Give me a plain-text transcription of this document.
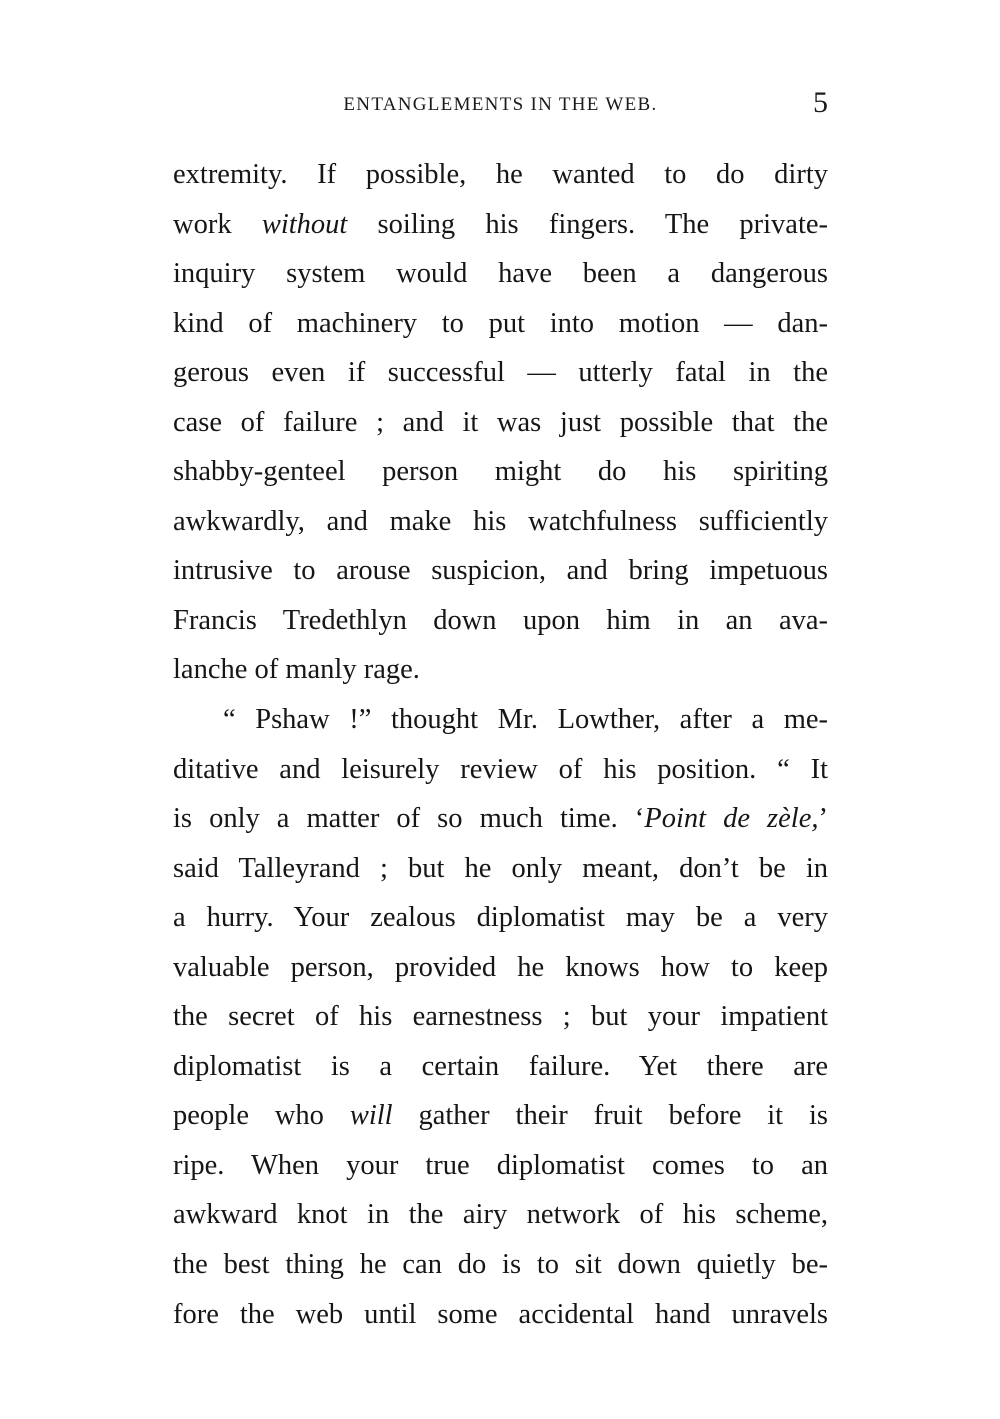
ENTANGLEMENTS IN THE WEB.	5
extremity. If possible, he wanted to do dirty
work without soiling his fingers. The private-
inquiry system would have been a dangerous
kind of machinery to put into motion — dan-
gerous even if successful — utterly fatal in the
case of failure ; and it was just possible that the
shabby-genteel person might do his spiriting
awkwardly, and make his watchfulness sufficiently
intrusive to arouse suspicion, and bring impetuous
Francis Tredethlyn down upon him in an ava-
lanche of manly rage.
“ Pshaw !” thought Mr. Lowther, after a me-
ditative and leisurely review of his position. “ It
is only a matter of so much time. ‘Point de zèle,’
said Talleyrand ; but he only meant, don’t be in
a hurry. Your zealous diplomatist may be a very
valuable person, provided he knows how to keep
the secret of his earnestness ; but your impatient
diplomatist is a certain failure. Yet there are
people who will gather their fruit before it is
ripe. When your true diplomatist comes to an
awkward knot in the airy network of his scheme,
the best thing he can do is to sit down quietly be-
fore the web until some accidental hand unravels
